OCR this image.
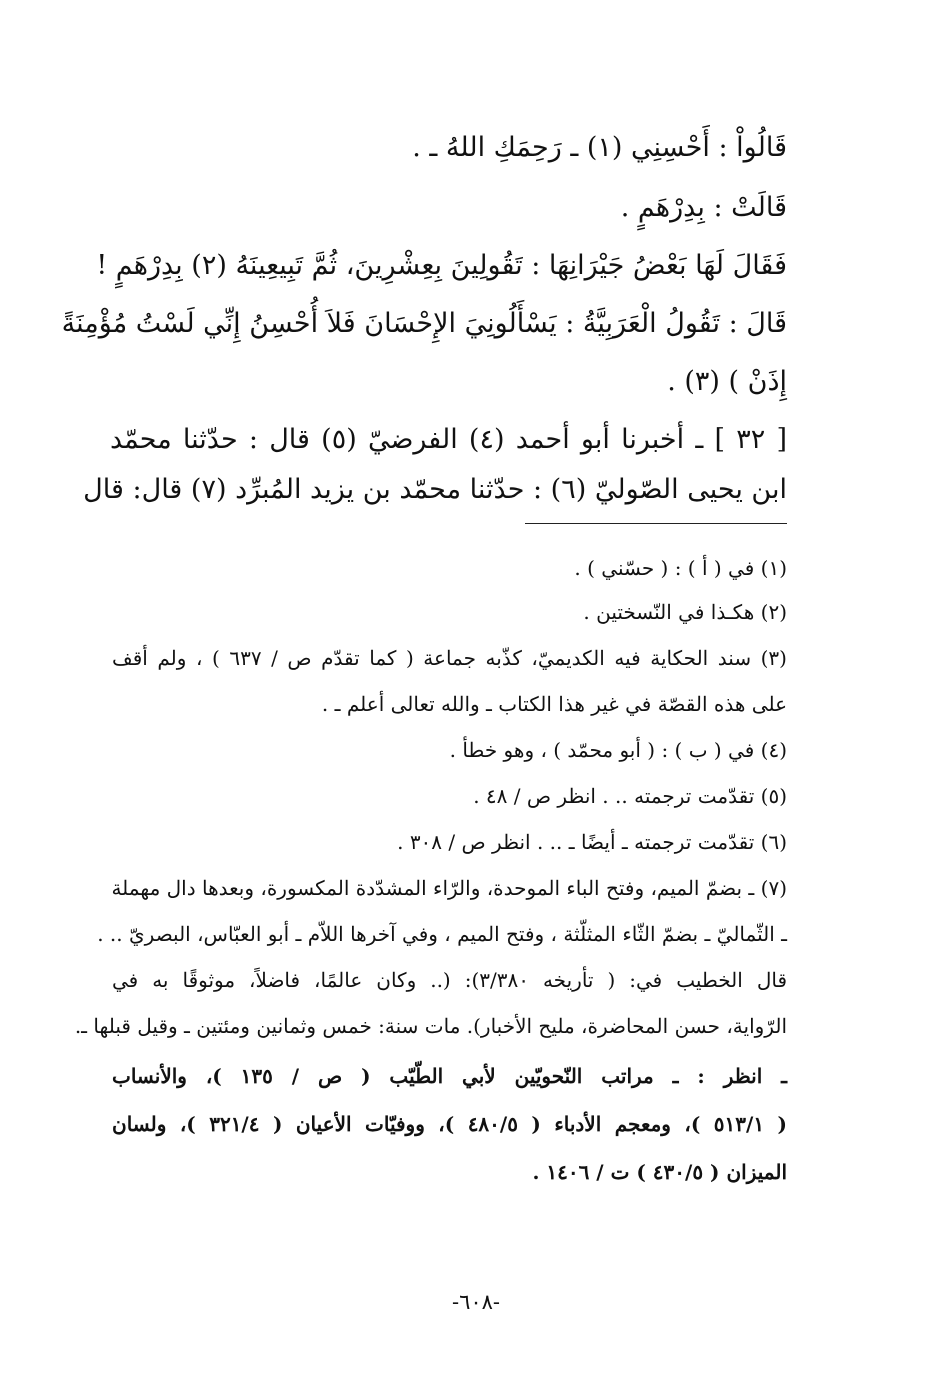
قَالُواْ : أَحْسِنِي (١) ـ رَحِمَكِ اللهُ ـ .
قَالَتْ : بِدِرْهَمٍ .
فَقَالَ لَهَا بَعْضُ جَيْرَانِهَا : تَقُولِينَ بِعِشْرِينَ، ثُمَّ تَبِيعِينَهُ (٢) بِدِرْهَمٍ !
قَالَ : تَقُولُ الْعَرَبِيَّةُ : يَسْأَلُونِيَ الإِحْسَانَ فَلاَ أُحْسِنُ إِنِّي لَسْتُ مُؤْمِنَةً
إِذَنْ ) (٣) .
[ ٣٢ ] ـ أخبرنا أبو أحمد (٤) الفرضيّ (٥) قال : حدّثنا محمّد
ابن يحيى الصّوليّ (٦) : حدّثنا محمّد بن يزيد المُبرِّد (٧) قال: قال
(١) في ( أ ) : ( حسّني ) .
(٢) هكـذا في النّسختين .
(٣) سند الحكاية فيه الكديميّ، كذّبه جماعة ( كما تقدّم ص / ٦٣٧ ) ، ولم أقف
على هذه القصّة في غير هذا الكتاب ـ والله تعالى أعلم ـ .
(٤) في ( ب ) : ( أبو محمّد ) ، وهو خطأ .
(٥) تقدّمت ترجمته .. . انظر ص / ٤٨ .
(٦) تقدّمت ترجمته ـ أيضًا ـ .. . انظر ص / ٣٠٨ .
(٧) ـ بضمّ الميم، وفتح الباء الموحدة، والرّاء المشدّدة المكسورة، وبعدها دال مهملة
ـ الثّماليّ ـ بضمّ الثّاء المثلّثة ، وفتح الميم ، وفي آخرها اللاّم ـ أبو العبّاس، البصريّ .. .
قال الخطيب في: ( تأريخه ٣/٣٨٠): (.. وكان عالمًا، فاضلاً، موثوقًا به في
الرّواية، حسن المحاضرة، مليح الأخبار). مات سنة: خمس وثمانين ومئتين ـ وقيل قبلها ـ.
ـ انظر : ـ مراتب النّحويّين لأبي الطّيّب ( ص / ١٣٥ )، والأنساب
( ٥١٣/١ )، ومعجم الأدباء ( ٤٨٠/٥ )، ووفيّات الأعيان ( ٣٢١/٤ )، ولسان
الميزان ( ٤٣٠/٥ ) ت / ١٤٠٦ .
-٦٠٨-
